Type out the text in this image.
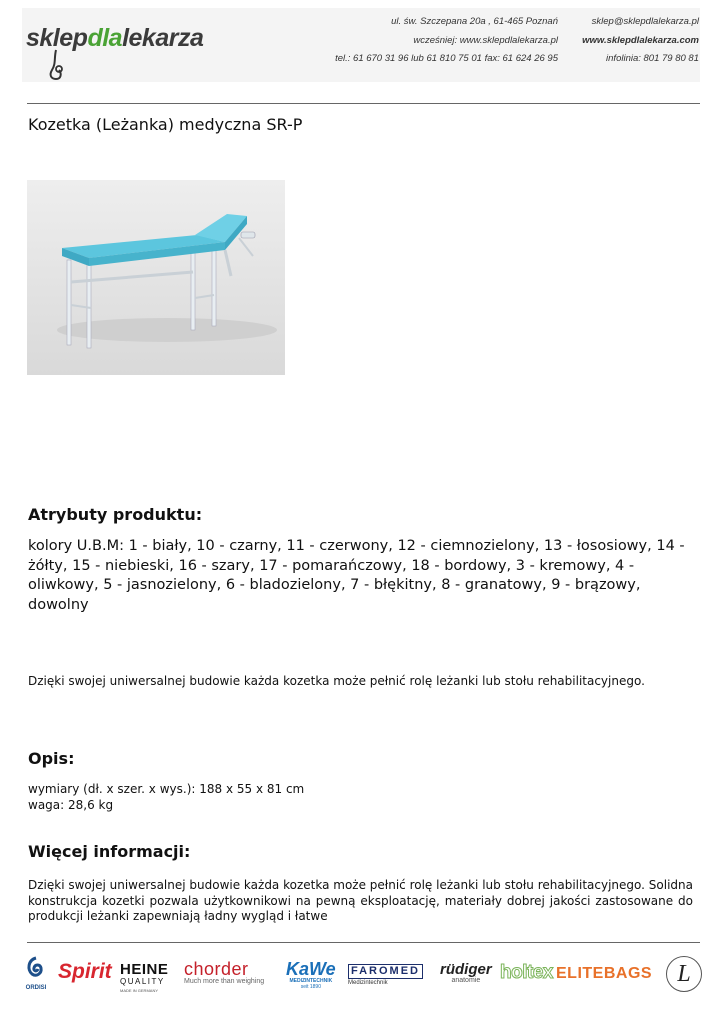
sklepdlalekarza
ul. św. Szczepana 20a , 61-465 Poznań
wcześniej: www.sklepdlalekarza.pl
tel.: 61 670 31 96 lub 61 810 75 01 fax: 61 624 26 95
sklep@sklepdlalekarza.pl
www.sklepdlalekarza.com
infolinia: 801 79 80 81
Kozetka (Leżanka) medyczna SR-P
Atrybuty produktu:
kolory U.B.M: 1 - biały, 10 - czarny, 11 - czerwony, 12 - ciemnozielony, 13 - łososiowy, 14 - żółty, 15 - niebieski, 16 - szary, 17 - pomarańczowy, 18 - bordowy, 3 - kremowy, 4 - oliwkowy, 5 - jasnozielony, 6 - bladozielony, 7 - błękitny, 8 - granatowy, 9 - brązowy, dowolny
Dzięki swojej uniwersalnej budowie każda kozetka może pełnić rolę leżanki lub stołu rehabilitacyjnego.
Opis:
wymiary (dł. x szer. x wys.): 188 x 55 x 81 cm
waga: 28,6 kg
Więcej informacji:
Dzięki swojej uniwersalnej budowie każda kozetka może pełnić rolę leżanki lub stołu rehabilitacyjnego. Solidna konstrukcja kozetki pozwala użytkownikowi na pewną eksploatację, materiały dobrej jakości zastosowane do produkcji leżanki zapewniają ładny wygląd i łatwe
ORDISI
Spirit HEINE
QUALITY
MADE IN GERMANY
chorder
Much more than weighing
KaWe
MEDIZINTECHNIK
seit 1890
FAROMED
Medizintechnik
rüdiger
anatomie	holtex ELITEBAGS	L
